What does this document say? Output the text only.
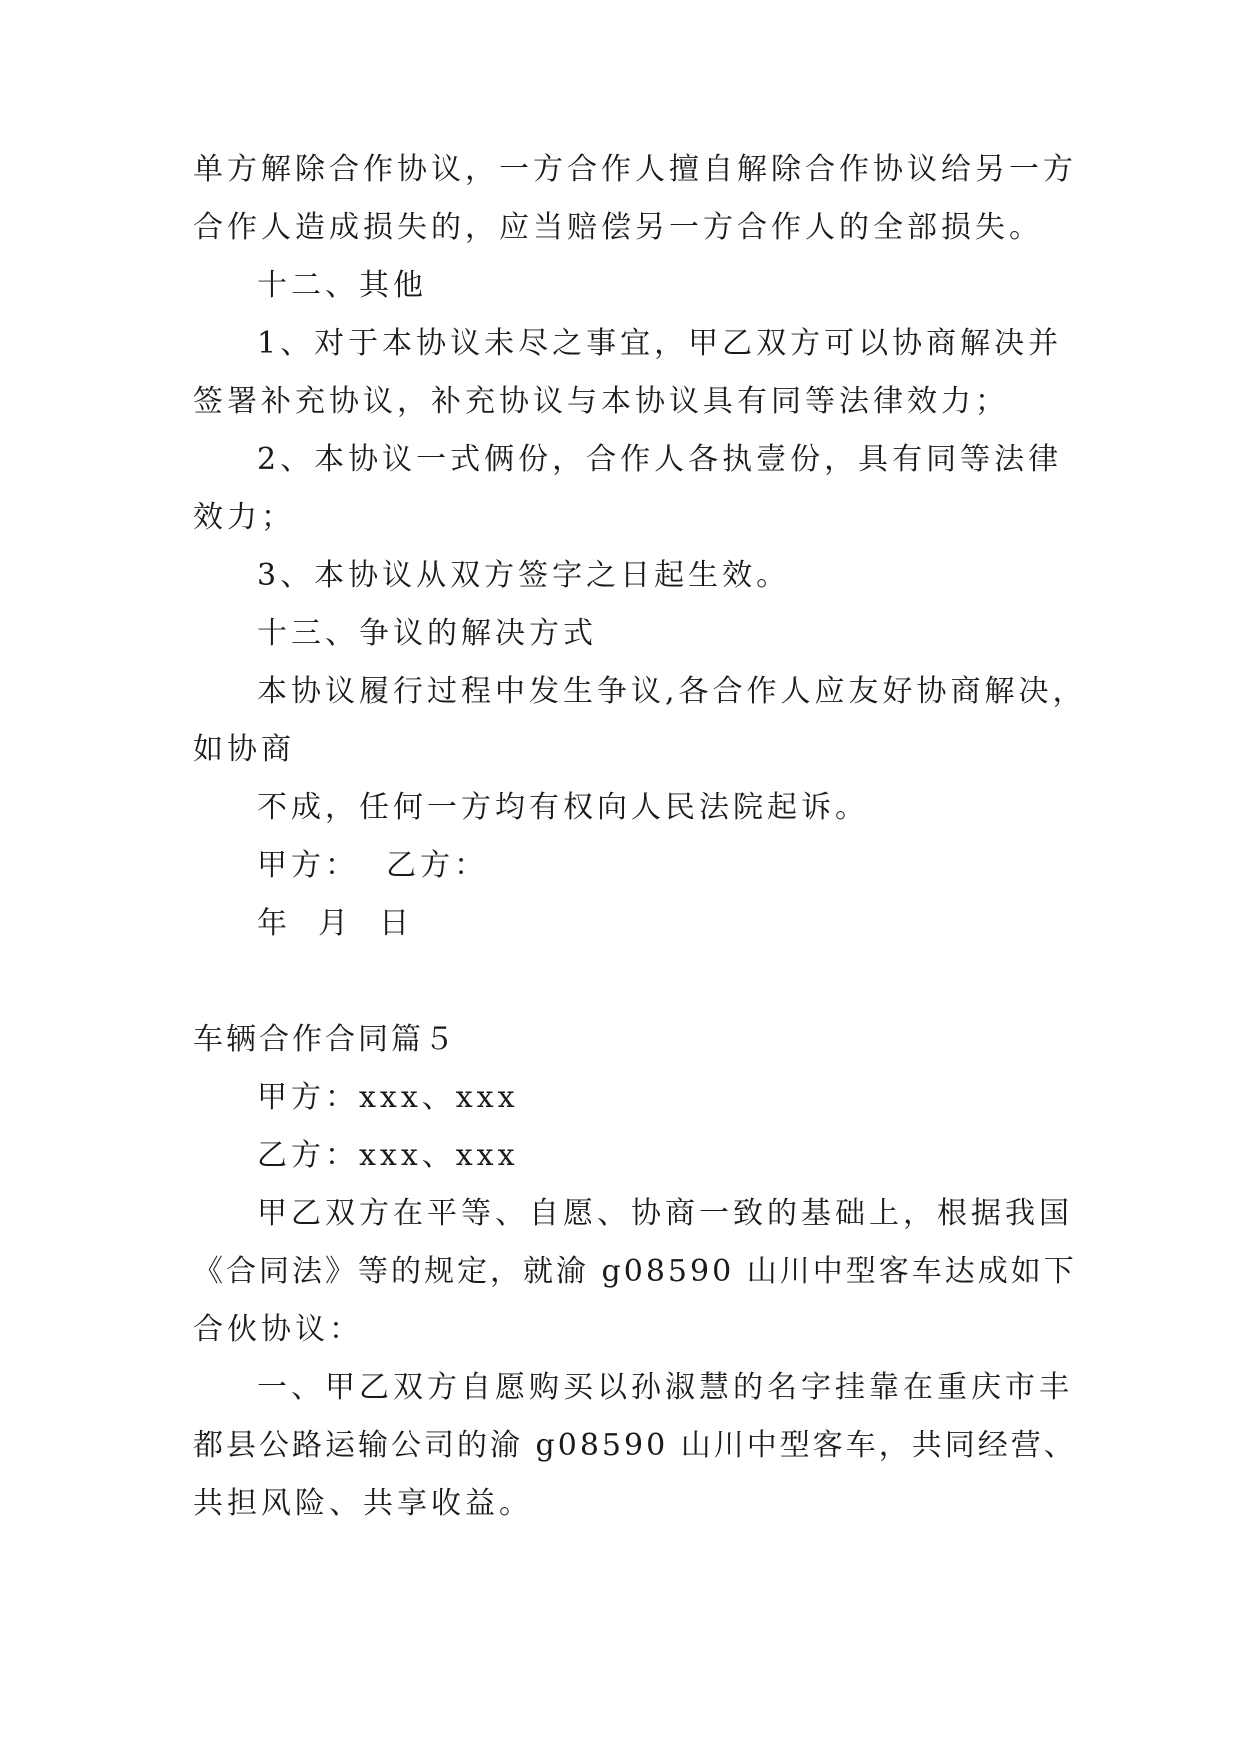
单方解除合作协议，一方合作人擅自解除合作协议给另一方
合作人造成损失的，应当赔偿另一方合作人的全部损失。
十二、其他
1、对于本协议未尽之事宜，甲乙双方可以协商解决并
签署补充协议，补充协议与本协议具有同等法律效力；
2、本协议一式俩份，合作人各执壹份，具有同等法律
效力；
3、本协议从双方签字之日起生效。
十三、争议的解决方式
本协议履行过程中发生争议,各合作人应友好协商解决，
如协商
不成，任何一方均有权向人民法院起诉。
甲方：  乙方：
年  月  日
车辆合作合同篇５
甲方：xxx、xxx
乙方：xxx、xxx
甲乙双方在平等、自愿、协商一致的基础上，根据我国
《合同法》等的规定，就渝 g08590 山川中型客车达成如下
合伙协议：
一、甲乙双方自愿购买以孙淑慧的名字挂靠在重庆市丰
都县公路运输公司的渝 g08590 山川中型客车，共同经营、
共担风险、共享收益。
